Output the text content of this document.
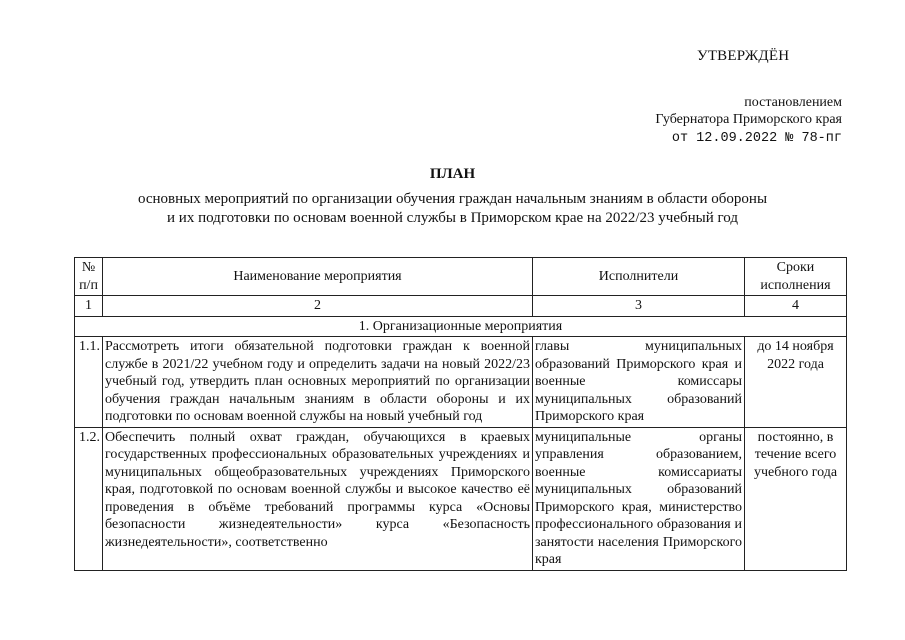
УТВЕРЖДЁН
постановлением
Губернатора Приморского края
от 12.09.2022 № 78-пг
ПЛАН
основных мероприятий по организации обучения граждан начальным знаниям в области обороны
и их подготовки по основам военной службы в Приморском крае на 2022/23 учебный год
№ п/п	Наименование мероприятия	Исполнители	Сроки исполнения
1	2	3	4
1. Организационные мероприятия			
1.1.	Рассмотреть итоги обязательной подготовки граждан к военной службе в 2021/22 учебном году и определить задачи на новый 2022/23 учебный год, утвердить план основных мероприятий по организации обучения граждан начальным знаниям в области обороны и их подготовки по основам военной службы на новый учебный год	главы муниципальных образований Приморского края и военные комиссары муниципальных образований Приморского края	до 14 ноября 2022 года
1.2.	Обеспечить полный охват граждан, обучающихся в краевых государственных профессиональных образовательных учреждениях и муниципальных общеобразовательных учреждениях Приморского края, подготовкой по основам военной службы и высокое качество её проведения в объёме требований программы курса «Основы безопасности жизнедеятельности» курса «Безопасность жизнедеятельности», соответственно	муниципальные органы управления образованием, военные комиссариаты муниципальных образований Приморского края, министерство профессионального образования и занятости населения Приморского края	постоянно, в течение всего учебного года
